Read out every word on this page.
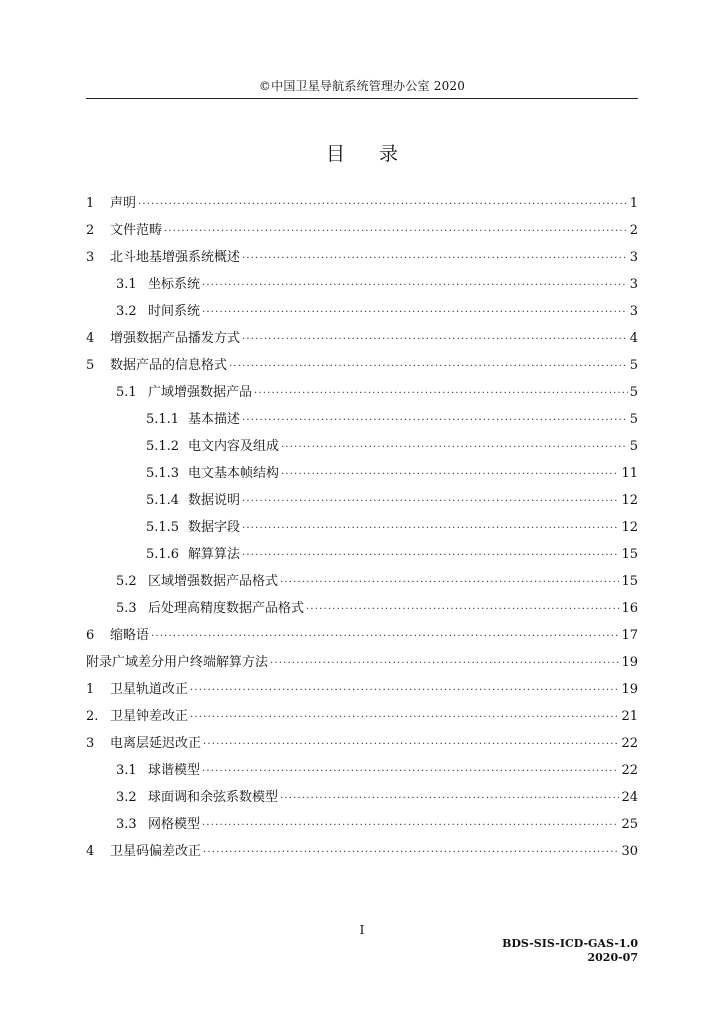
©中国卫星导航系统管理办公室 2020
目 录
1	声明 ·····	1
2	文件范畴 ·····	2
3	北斗地基增强系统概述 ·····	3
3.1 坐标系统 ·····	3
3.2 时间系统 ·····	3
4	增强数据产品播发方式 ·····	4
5	数据产品的信息格式 ·····	5
5.1 广域增强数据产品 ·····	5
5.1.1 基本描述 ·····	5
5.1.2 电文内容及组成 ·····	5
5.1.3 电文基本帧结构 ·····	11
5.1.4 数据说明 ·····	12
5.1.5 数据字段 ·····	12
5.1.6 解算算法 ·····	15
5.2 区域增强数据产品格式 ·····	15
5.3 后处理高精度数据产品格式 ·····	16
6	缩略语 ·····	17
附录 广域差分用户终端解算方法 ·····	19
1	卫星轨道改正 ·····	19
2. 卫星钟差改正 ·····	21
3	电离层延迟改正 ·····	22
3.1 球谐模型 ·····	22
3.2 球面调和余弦系数模型 ·····	24
3.3 网格模型 ·····	25
4	卫星码偏差改正 ·····	30
I
BDS-SIS-ICD-GAS-1.0
2020-07
